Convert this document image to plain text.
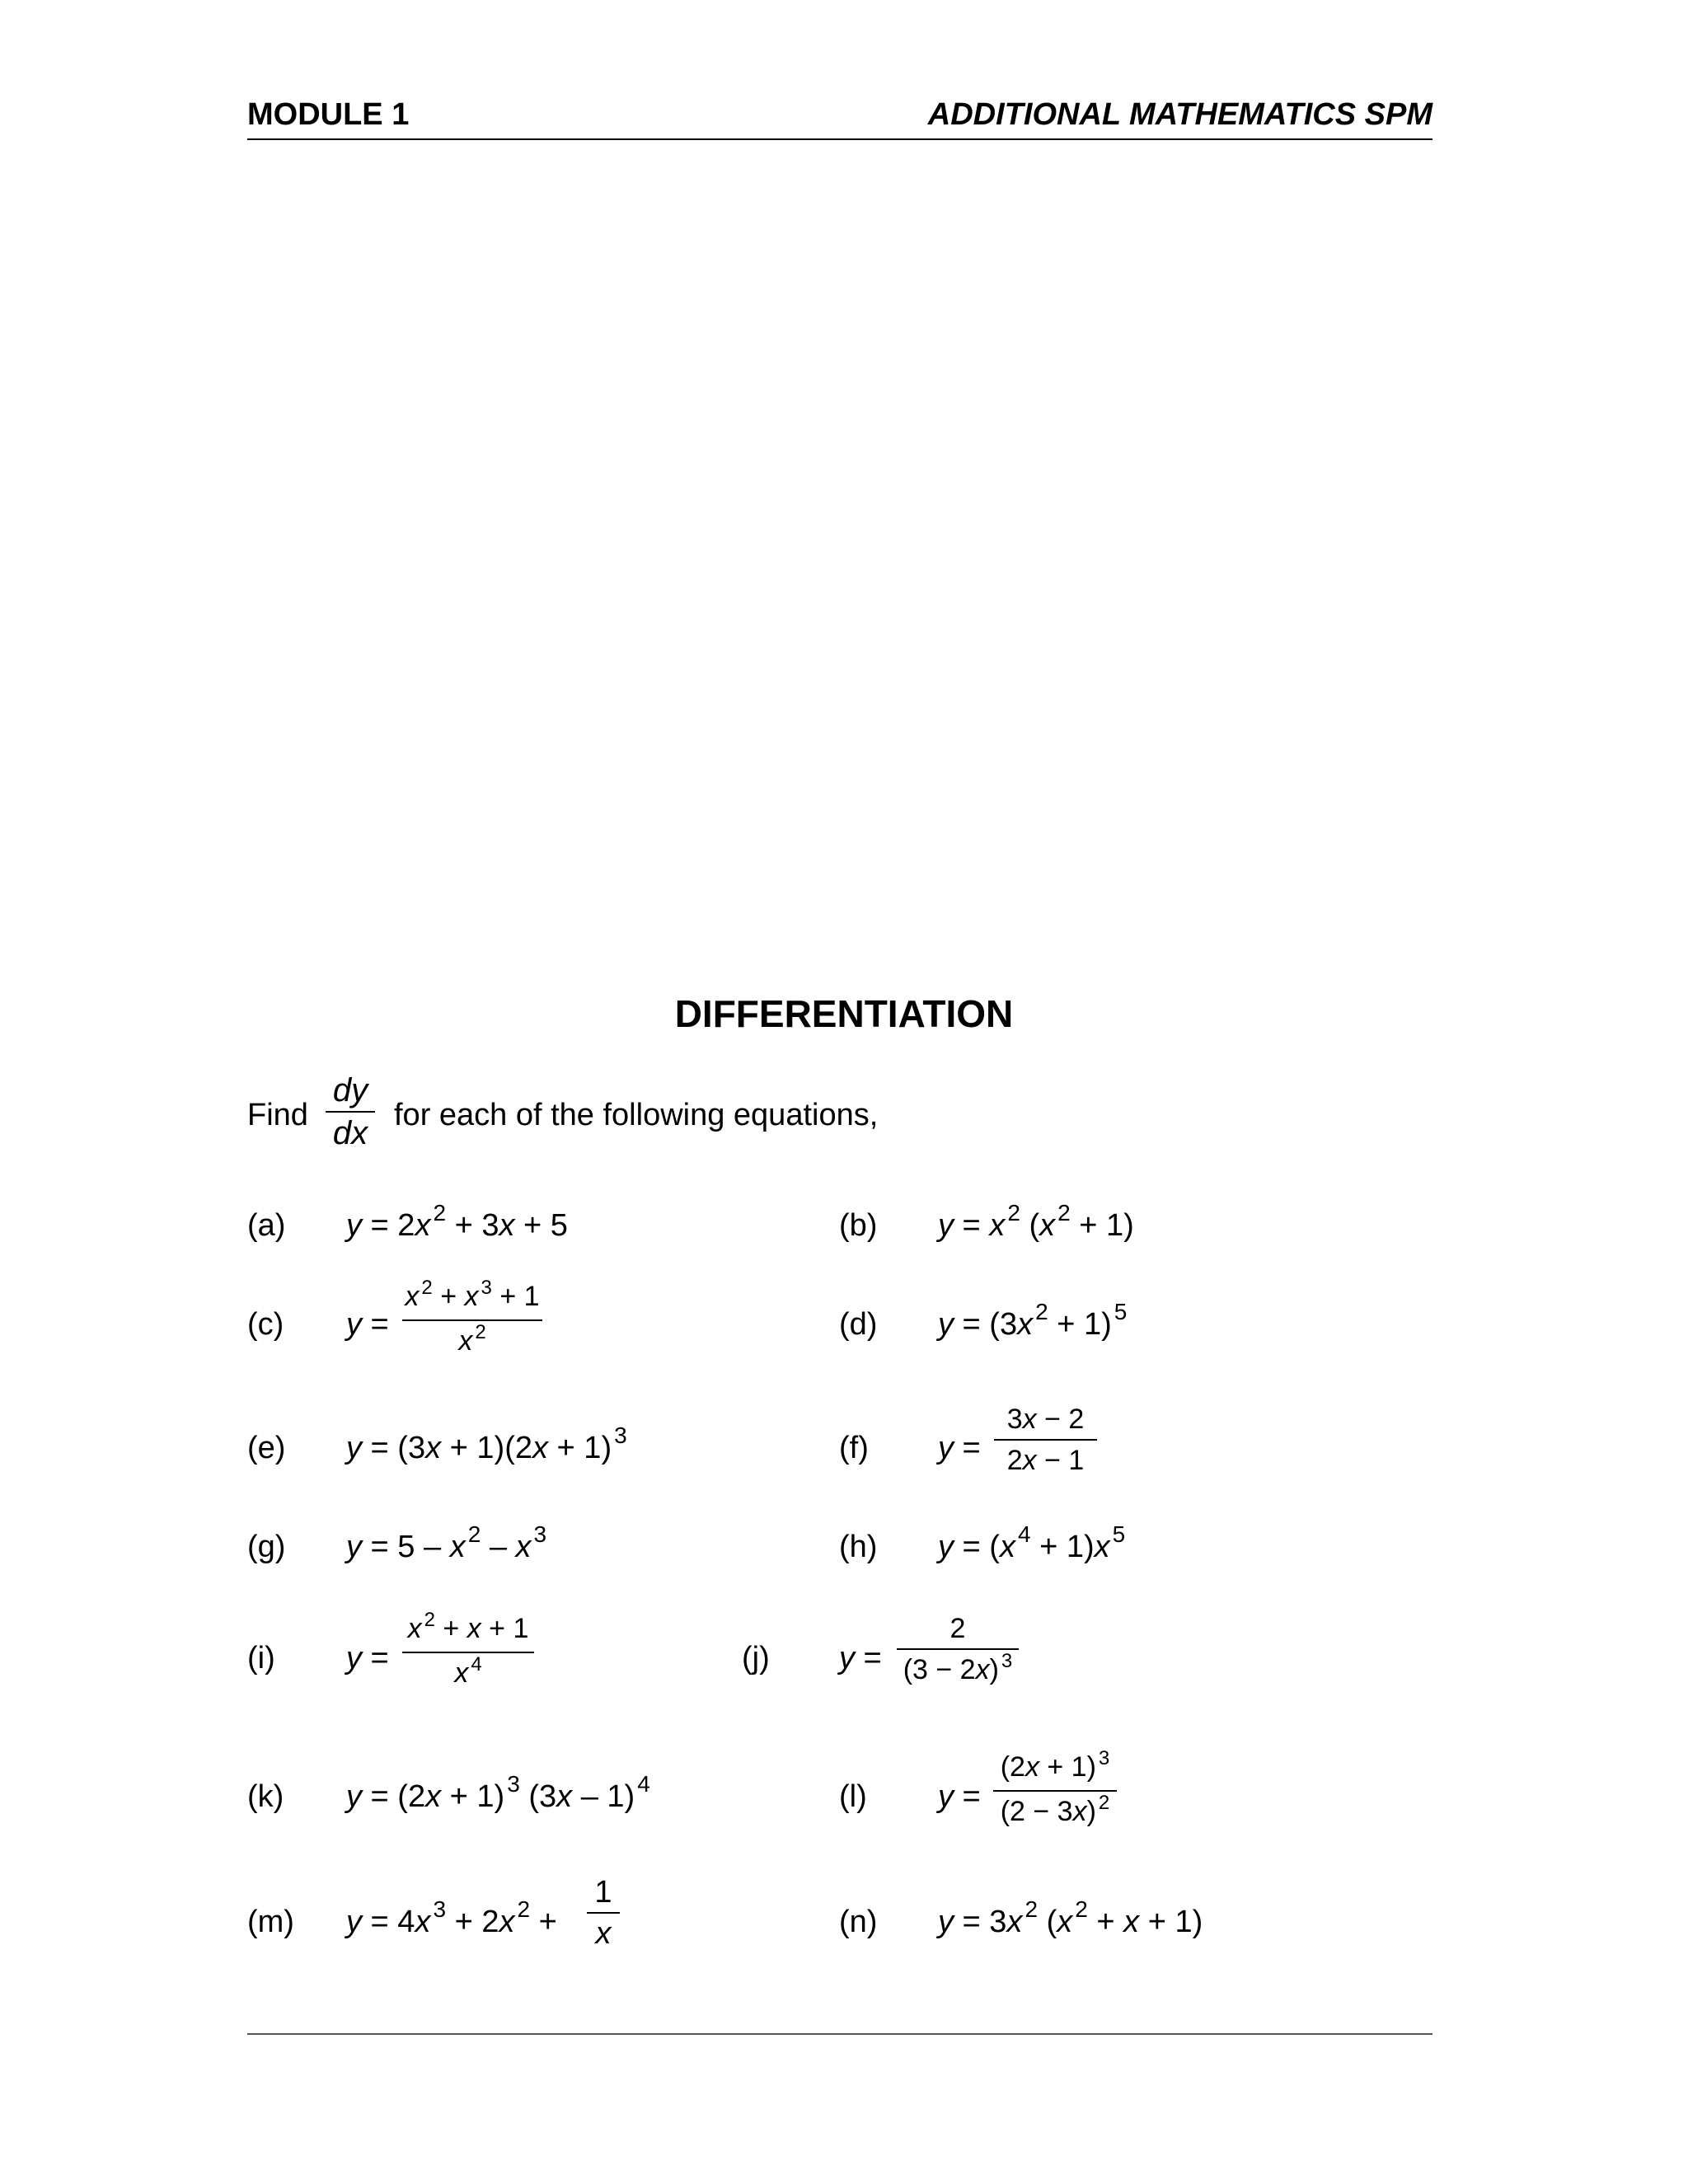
MODULE 1	ADDITIONAL MATHEMATICS SPM
DIFFERENTIATION
Find
dy
dx for each of the following equations,
(a) y = 2x $^2$ + 3x + 5	(b) y = x $^2$ (x $^2$ + 1)
(c) y =
x $^2$ + x $^3$ + 1
x $^2$	(d) y = (3x $^2$ + 1) $^5$
(e) y = (3x + 1)(2x + 1) $^3$	(f) y =
3x − 2
2x − 1
(g) y = 5 – x $^2$ – x $^3$	(h) y = (x $^4$ + 1)x $^5$
(i) y =
x $^2$ + x + 1
x $^4$	(j) y =
2
(3 − 2x) $^3$
(k) y = (2x + 1) $^3$ (3x – 1) $^4$	(l) y =
(2x + 1) $^3$
(2 − 3x) $^2$
(m) y = 4x $^3$ + 2x $^2$ +
1
x	(n) y = 3x $^2$ (x $^2$ + x + 1)
